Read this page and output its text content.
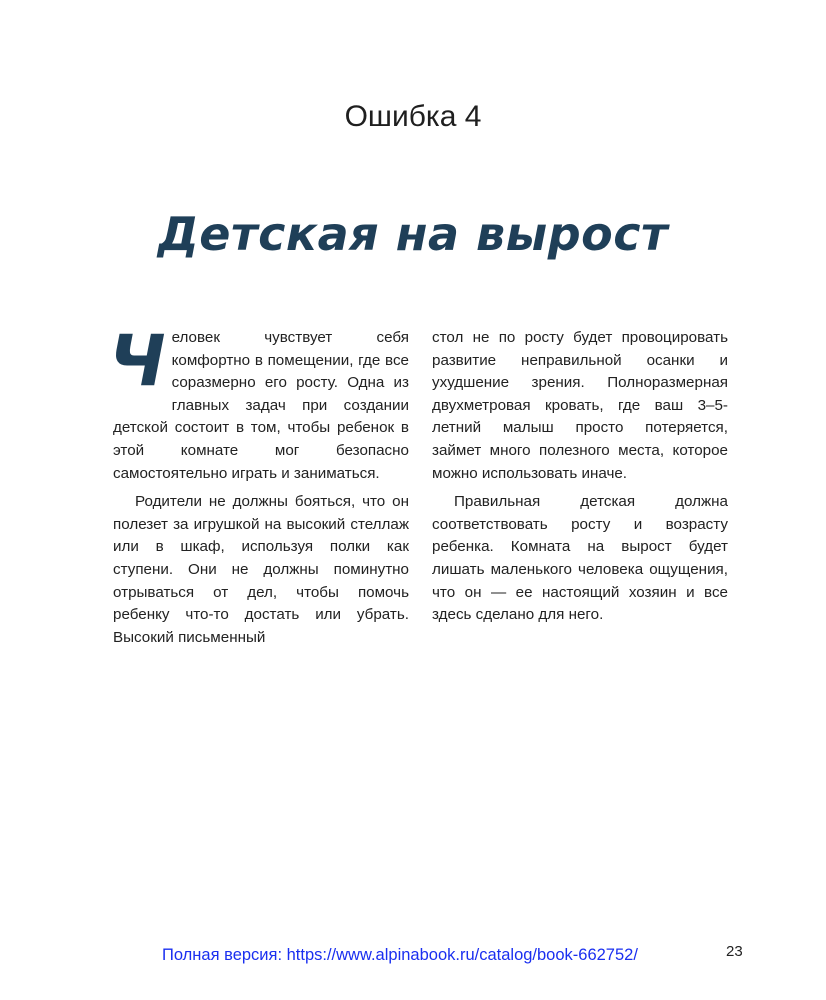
Ошибка 4
Детская на вырост

Ч еловек чувствует себя комфортно в помещении, где все соразмерно его росту. Одна из главных задач при создании детской состоит в том, чтобы ребенок в этой комнате мог безопасно самостоятельно играть и заниматься.

Родители не должны бояться, что он полезет за игрушкой на высокий стеллаж или в шкаф, используя полки как ступени. Они не должны поминутно отрываться от дел, чтобы помочь ребенку что-то достать или убрать. Высокий письменный

стол не по росту будет провоцировать развитие неправильной осанки и ухудшение зрения. Полноразмерная двухметровая кровать, где ваш 3–5-летний малыш просто потеряется, займет много полезного места, которое можно использовать иначе.

Правильная детская должна соответствовать росту и возрасту ребенка. Комната на вырост будет лишать маленького человека ощущения, что он — ее настоящий хозяин и все здесь сделано для него.

Полная версия: https://www.alpinabook.ru/catalog/book-662752/	23
